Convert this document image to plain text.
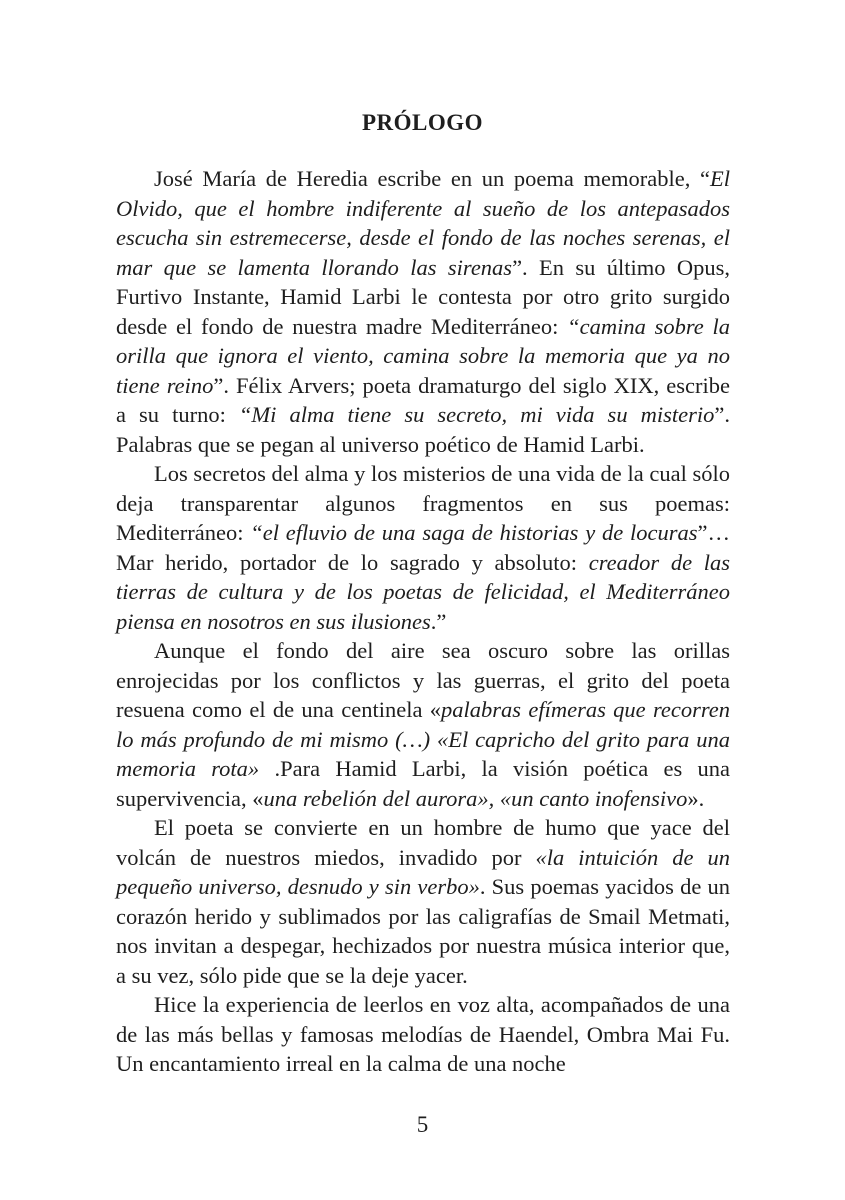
PRÓLOGO

José María de Heredia escribe en un poema memorable, “El Olvido, que el hombre indiferente al sueño de los antepasados escucha sin estremecerse, desde el fondo de las noches serenas, el mar que se lamenta llorando las sirenas”. En su último Opus, Furtivo Instante, Hamid Larbi le contesta por otro grito surgido desde el fondo de nuestra madre Mediterráneo: “camina sobre la orilla que ignora el viento, camina sobre la memoria que ya no tiene reino”. Félix Arvers; poeta dramaturgo del siglo XIX, escribe a su turno: “Mi alma tiene su secreto, mi vida su misterio”. Palabras que se pegan al universo poético de Hamid Larbi.

Los secretos del alma y los misterios de una vida de la cual sólo deja transparentar algunos fragmentos en sus poemas: Mediterráneo: “el efluvio de una saga de historias y de locuras”… Mar herido, portador de lo sagrado y absoluto: creador de las tierras de cultura y de los poetas de felicidad, el Mediterráneo piensa en nosotros en sus ilusiones.”

Aunque el fondo del aire sea oscuro sobre las orillas enrojecidas por los conflictos y las guerras, el grito del poeta resuena como el de una centinela «palabras efímeras que recorren lo más profundo de mi mismo (…) «El capricho del grito para una memoria rota» .Para Hamid Larbi, la visión poética es una supervivencia, «una rebelión del aurora», «un canto inofensivo».

El poeta se convierte en un hombre de humo que yace del volcán de nuestros miedos, invadido por «la intuición de un pequeño universo, desnudo y sin verbo». Sus poemas yacidos de un corazón herido y sublimados por las caligrafías de Smail Metmati, nos invitan a despegar, hechizados por nuestra música interior que, a su vez, sólo pide que se la deje yacer.

Hice la experiencia de leerlos en voz alta, acompañados de una de las más bellas y famosas melodías de Haendel, Ombra Mai Fu. Un encantamiento irreal en la calma de una noche

5
